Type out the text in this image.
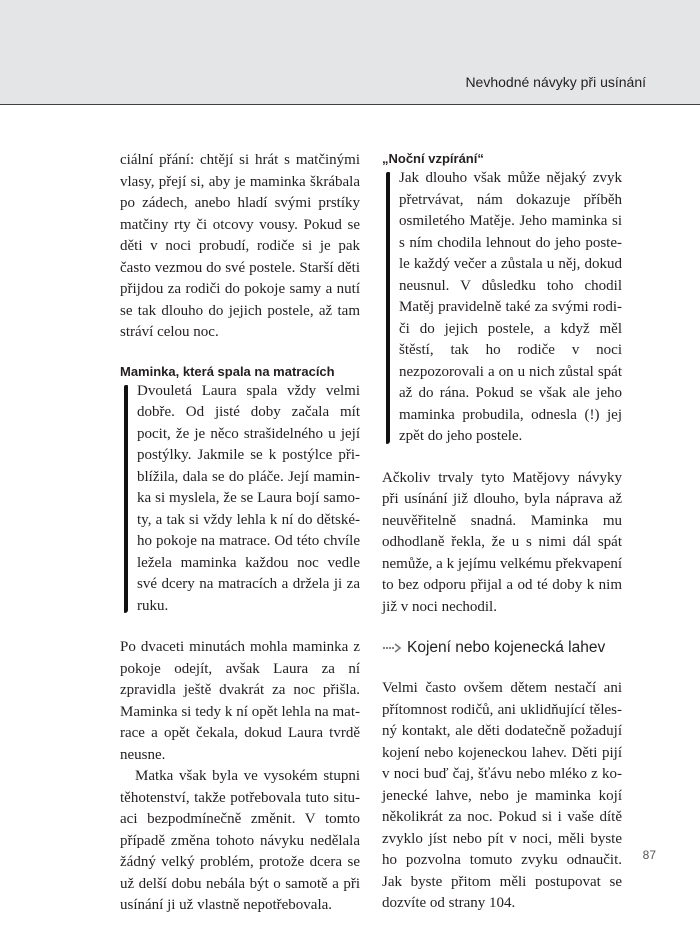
Nevhodné návyky při usínání

ciální přání: chtějí si hrát s matčinými vlasy, přejí si, aby je maminka škrábala po zádech, anebo hladí svými prstíky matčiny rty či otcovy vousy. Pokud se děti v noci probudí, rodiče si je pak často vezmou do své postele. Starší děti přijdou za rodiči do pokoje samy a nutí se tak dlouho do jejich postele, až tam stráví celou noc.

Maminka, která spala na matracích

Dvouletá Laura spala vždy velmi dobře. Od jisté doby začala mít pocit, že je něco strašidelného u její postýlky. Jakmile se k postýlce přiblížila, dala se do pláče. Její maminka si myslela, že se Laura bojí samoty, a tak si vždy lehla k ní do dětského pokoje na matrace. Od této chvíle ležela maminka každou noc vedle své dcery na matracích a držela ji za ruku.

Po dvaceti minutách mohla maminka z pokoje odejít, avšak Laura za ní zpravidla ještě dvakrát za noc přišla. Maminka si tedy k ní opět lehla na matrace a opět čekala, dokud Laura tvrdě neusne.

Matka však byla ve vysokém stupni těhotenství, takže potřebovala tuto situaci bezpodmínečně změnit. V tomto případě změna tohoto návyku nedělala žádný velký problém, protože dcera se už delší dobu nebála být o samotě a při usínání ji už vlastně nepotřebovala.

„Noční vzpírání“

Jak dlouho však může nějaký zvyk přetrvávat, nám dokazuje příběh osmiletého Matěje. Jeho maminka si s ním chodila lehnout do jeho postele každý večer a zůstala u něj, dokud neusnul. V důsledku toho chodil Matěj pravidelně také za svými rodiči do jejich postele, a když měl štěstí, tak ho rodiče v noci nezpozorovali a on u nich zůstal spát až do rána. Pokud se však ale jeho maminka probudila, odnesla (!) jej zpět do jeho postele.

Ačkoliv trvaly tyto Matějovy návyky při usínání již dlouho, byla náprava až neuvěřitelně snadná. Maminka mu odhodlaně řekla, že u s nimi dál spát nemůže, a k jejímu velkému překvapení to bez odporu přijal a od té doby k nim již v noci nechodil.

Kojení nebo kojenecká lahev

Velmi často ovšem dětem nestačí ani přítomnost rodičů, ani uklidňující tělesný kontakt, ale děti dodatečně požadují kojení nebo kojeneckou lahev. Děti pijí v noci buď čaj, šťávu nebo mléko z kojenecké lahve, nebo je maminka kojí několikrát za noc. Pokud si i vaše dítě zvyklo jíst nebo pít v noci, měli byste ho pozvolna tomuto zvyku odnaučit. Jak byste přitom měli postupovat se dozvíte od strany 104.

87
